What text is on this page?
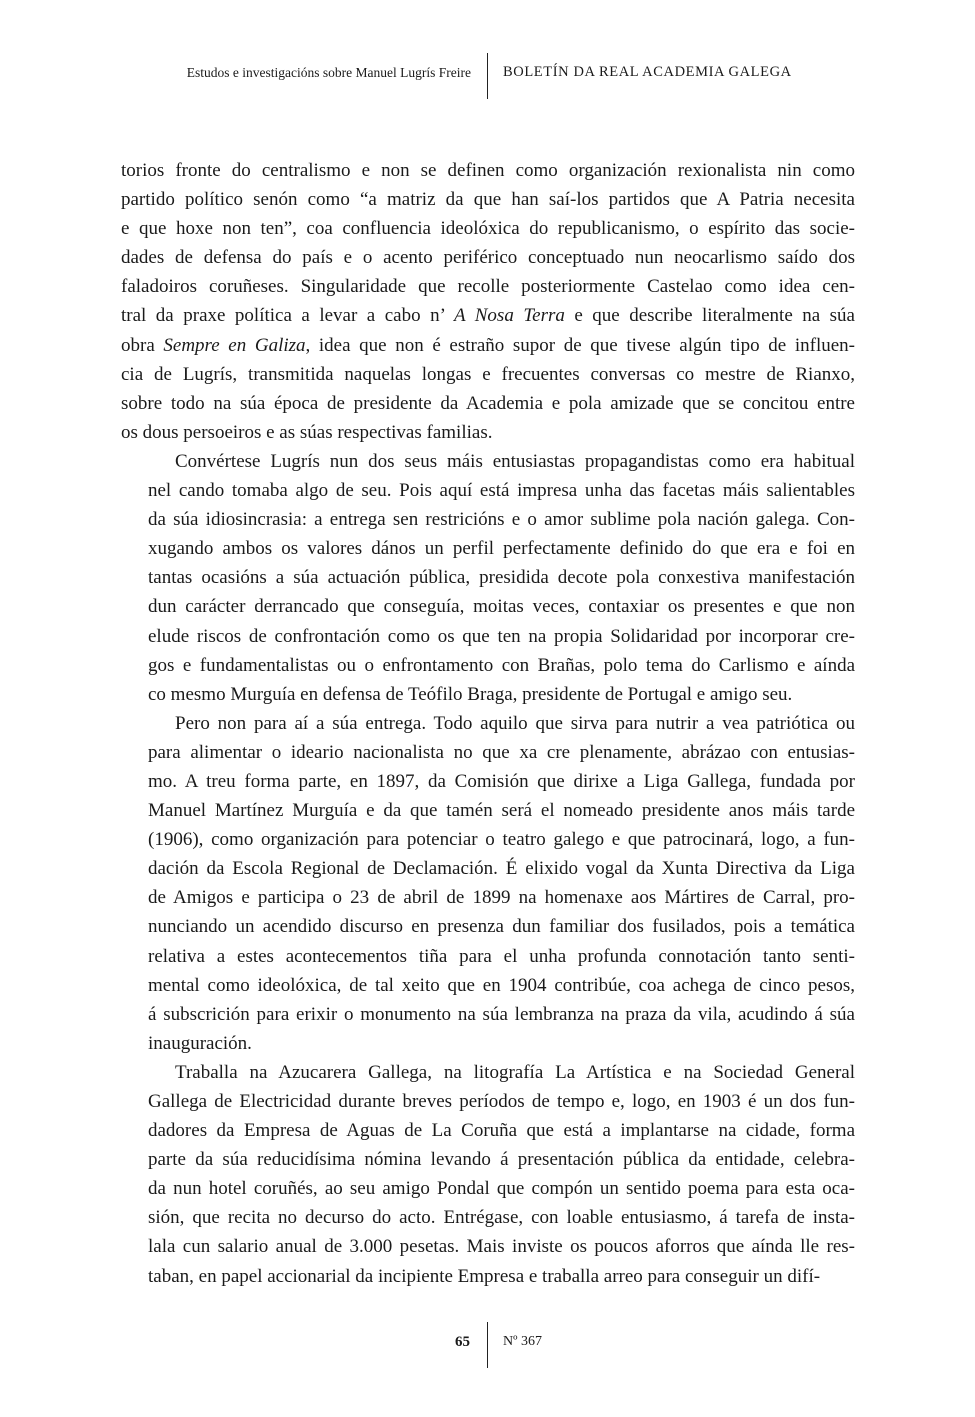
Estudos e investigacións sobre Manuel Lugrís Freire BOLETÍN DA REAL ACADEMIA GALEGA
torios fronte do centralismo e non se definen como organización rexionalista nin como
partido político senón como “a matriz da que han saí-los partidos que A Patria necesita
e que hoxe non ten”, coa confluencia ideolóxica do republicanismo, o espírito das socie-
dades de defensa do país e o acento periférico conceptuado nun neocarlismo saído dos
faladoiros coruñeses. Singularidade que recolle posteriormente Castelao como idea cen-
tral da praxe política a levar a cabo n’ A Nosa Terra e que describe literalmente na súa
obra Sempre en Galiza, idea que non é estraño supor de que tivese algún tipo de influen-
cia de Lugrís, transmitida naquelas longas e frecuentes conversas co mestre de Rianxo,
sobre todo na súa época de presidente da Academia e pola amizade que se concitou entre
os dous persoeiros e as súas respectivas familias.
Convértese Lugrís nun dos seus máis entusiastas propagandistas como era habitual
nel cando tomaba algo de seu. Pois aquí está impresa unha das facetas máis salientables
da súa idiosincrasia: a entrega sen restricións e o amor sublime pola nación galega. Con-
xugando ambos os valores dános un perfil perfectamente definido do que era e foi en
tantas ocasións a súa actuación pública, presidida decote pola conxestiva manifestación
dun carácter derrancado que conseguía, moitas veces, contaxiar os presentes e que non
elude riscos de confrontación como os que ten na propia Solidaridad por incorporar cre-
gos e fundamentalistas ou o enfrontamento con Brañas, polo tema do Carlismo e aínda
co mesmo Murguía en defensa de Teófilo Braga, presidente de Portugal e amigo seu.
Pero non para aí a súa entrega. Todo aquilo que sirva para nutrir a vea patriótica ou
para alimentar o ideario nacionalista no que xa cre plenamente, abrázao con entusias-
mo. A treu forma parte, en 1897, da Comisión que dirixe a Liga Gallega, fundada por
Manuel Martínez Murguía e da que tamén será el nomeado presidente anos máis tarde
(1906), como organización para potenciar o teatro galego e que patrocinará, logo, a fun-
dación da Escola Regional de Declamación. É elixido vogal da Xunta Directiva da Liga
de Amigos e participa o 23 de abril de 1899 na homenaxe aos Mártires de Carral, pro-
nunciando un acendido discurso en presenza dun familiar dos fusilados, pois a temática
relativa a estes acontecementos tiña para el unha profunda connotación tanto senti-
mental como ideolóxica, de tal xeito que en 1904 contribúe, coa achega de cinco pesos,
á subscrición para erixir o monumento na súa lembranza na praza da vila, acudindo á súa
inauguración.
Traballa na Azucarera Gallega, na litografía La Artística e na Sociedad General
Gallega de Electricidad durante breves períodos de tempo e, logo, en 1903 é un dos fun-
dadores da Empresa de Aguas de La Coruña que está a implantarse na cidade, forma
parte da súa reducidísima nómina levando á presentación pública da entidade, celebra-
da nun hotel coruñés, ao seu amigo Pondal que compón un sentido poema para esta oca-
sión, que recita no decurso do acto. Entrégase, con loable entusiasmo, á tarefa de insta-
lala cun salario anual de 3.000 pesetas. Mais inviste os poucos aforros que aínda lle res-
taban, en papel accionarial da incipiente Empresa e traballa arreo para conseguir un difí-
65 Nº 367
